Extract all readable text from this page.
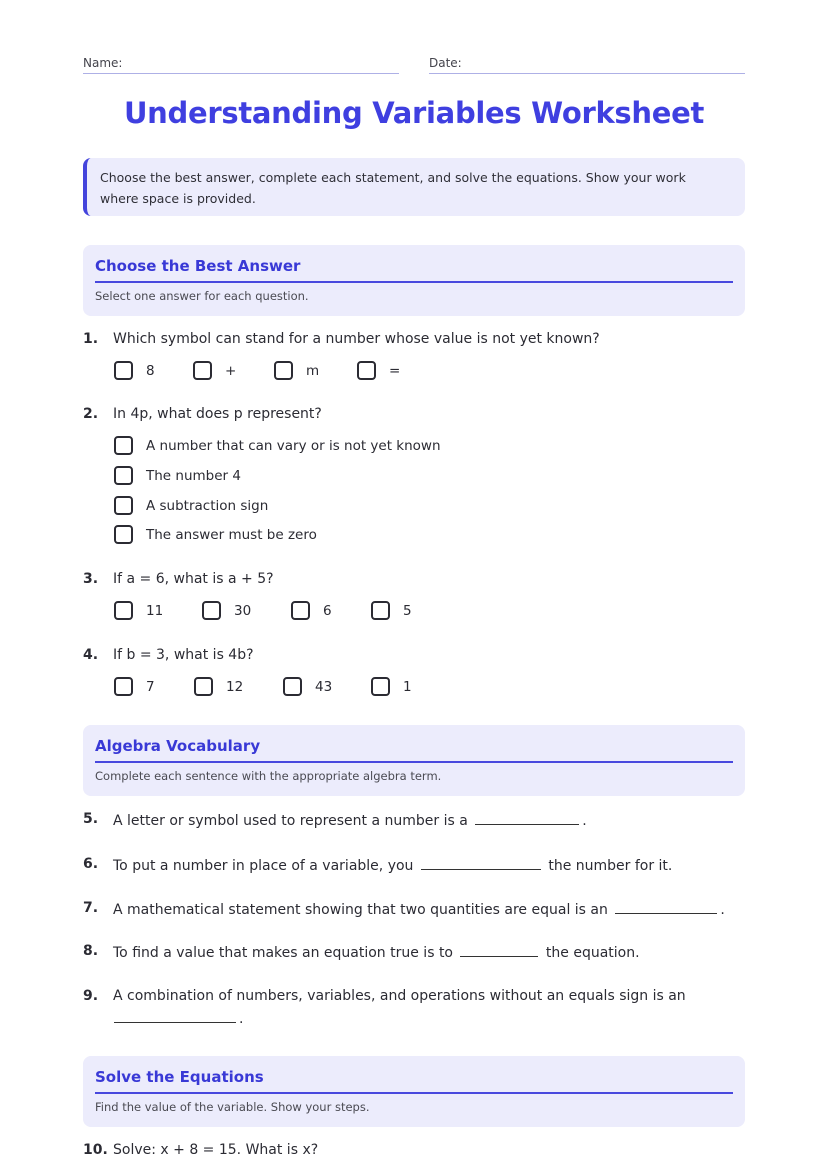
Name:	Date:
Understanding Variables Worksheet
Choose the best answer, complete each statement, and solve the equations. Show your work where space is provided.
Choose the Best Answer
Select one answer for each question.
1. Which symbol can stand for a number whose value is not yet known?
8	+	m	=
2. In 4p, what does p represent?
A number that can vary or is not yet known
The number 4
A subtraction sign
The answer must be zero
3. If a = 6, what is a + 5?
11	30	6	5
4. If b = 3, what is 4b?
7	12	43	1
Algebra Vocabulary
Complete each sentence with the appropriate algebra term.
5. A letter or symbol used to represent a number is a	.
6. To put a number in place of a variable, you	the number for it.
7. A mathematical statement showing that two quantities are equal is an	.
8. To find a value that makes an equation true is to	the equation.
9. A combination of numbers, variables, and operations without an equals sign is an
.
Solve the Equations
Find the value of the variable. Show your steps.
10. Solve: x + 8 = 15. What is x?
